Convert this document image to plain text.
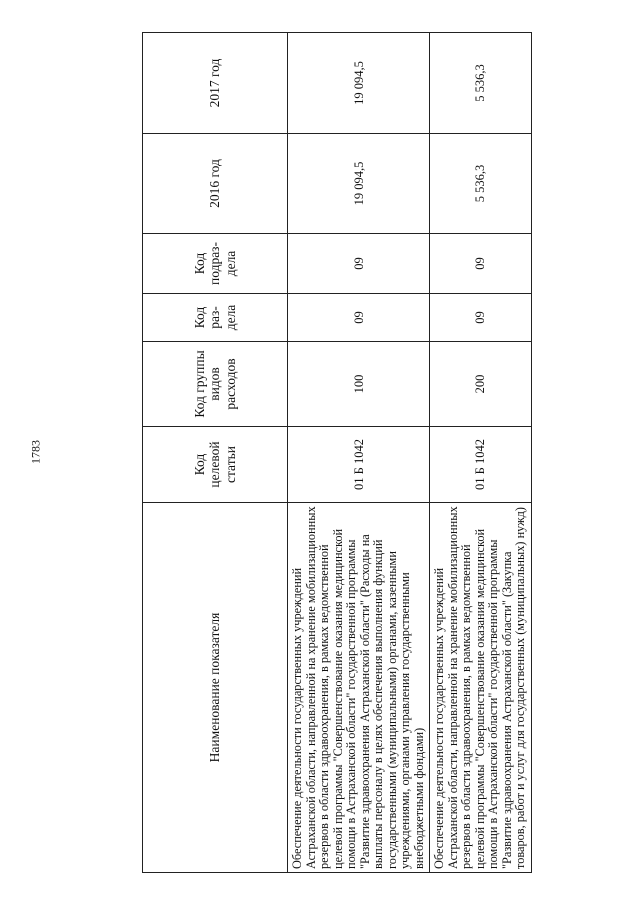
1783
Наименование показателя	Код целевой статьи	Код группы видов расходов	Код раз-дела	Код подраз-дела	2016 год	2017 год
Обеспечение деятельности государственных учреждений Астраханской области, направленной на хранение мобилизационных резервов в области здравоохранения, в рамках ведомственной целевой программы "Совершенствование оказания медицинской помощи в Астраханской области" государственной программы "Развитие здравоохранения Астраханской области" (Расходы на выплаты персоналу в целях обеспечения выполнения функций государственными (муниципальными) органами, казенными учреждениями, органами управления государственными внебюджетными фондами)	01 Б 1042	100	09	09	19 094,5	19 094,5
Обеспечение деятельности государственных учреждений Астраханской области, направленной на хранение мобилизационных резервов в области здравоохранения, в рамках ведомственной целевой программы "Совершенствование оказания медицинской помощи в Астраханской области" государственной программы "Развитие здравоохранения Астраханской области" (Закупка товаров, работ и услуг для государственных (муниципальных) нужд)	01 Б 1042	200	09	09	5 536,3	5 536,3
